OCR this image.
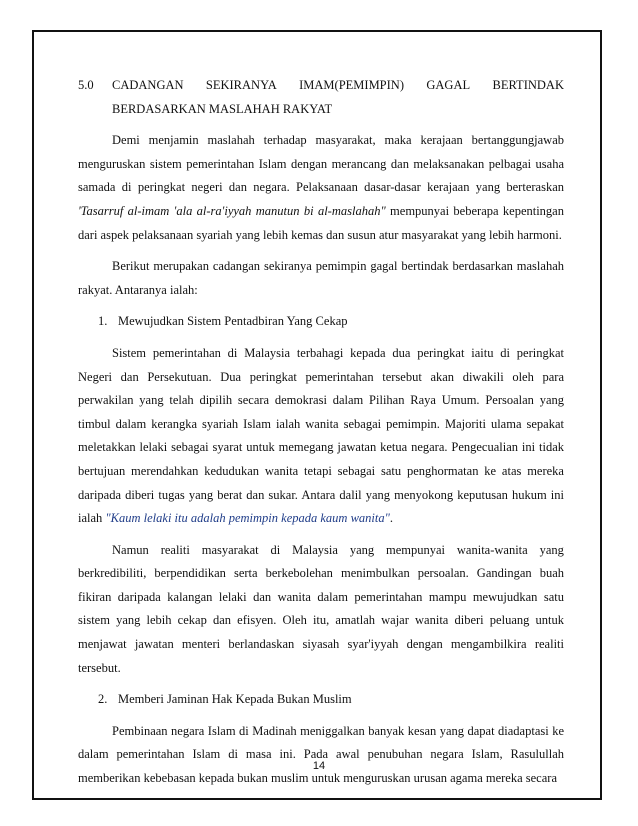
5.0 CADANGAN SEKIRANYA IMAM(PEMIMPIN) GAGAL BERTINDAK
BERDASARKAN MASLAHAH RAKYAT

Demi menjamin maslahah terhadap masyarakat, maka kerajaan bertanggungjawab menguruskan sistem pemerintahan Islam dengan merancang dan melaksanakan pelbagai usaha samada di peringkat negeri dan negara. Pelaksanaan dasar-dasar kerajaan yang berteraskan 'Tasarruf al-imam 'ala al-ra'iyyah manutun bi al-maslahah" mempunyai beberapa kepentingan dari aspek pelaksanaan syariah yang lebih kemas dan susun atur masyarakat yang lebih harmoni.

Berikut merupakan cadangan sekiranya pemimpin gagal bertindak berdasarkan maslahah rakyat. Antaranya ialah:

1. Mewujudkan Sistem Pentadbiran Yang Cekap

Sistem pemerintahan di Malaysia terbahagi kepada dua peringkat iaitu di peringkat Negeri dan Persekutuan. Dua peringkat pemerintahan tersebut akan diwakili oleh para perwakilan yang telah dipilih secara demokrasi dalam Pilihan Raya Umum. Persoalan yang timbul dalam kerangka syariah Islam ialah wanita sebagai pemimpin. Majoriti ulama sepakat meletakkan lelaki sebagai syarat untuk memegang jawatan ketua negara. Pengecualian ini tidak bertujuan merendahkan kedudukan wanita tetapi sebagai satu penghormatan ke atas mereka daripada diberi tugas yang berat dan sukar. Antara dalil yang menyokong keputusan hukum ini ialah "Kaum lelaki itu adalah pemimpin kepada kaum wanita".

Namun realiti masyarakat di Malaysia yang mempunyai wanita-wanita yang
berkredibiliti, berpendidikan serta berkebolehan menimbulkan persoalan. Gandingan buah fikiran daripada kalangan lelaki dan wanita dalam pemerintahan mampu mewujudkan satu sistem yang lebih cekap dan efisyen. Oleh itu, amatlah wajar wanita diberi peluang untuk menjawat jawatan menteri berlandaskan siyasah syar'iyyah dengan mengambilkira realiti tersebut.
2. Memberi Jaminan Hak Kepada Bukan Muslim

Pembinaan negara Islam di Madinah meniggalkan banyak kesan yang dapat diadaptasi ke dalam pemerintahan Islam di masa ini. Pada awal penubuhan negara Islam, Rasulullah memberikan kebebasan kepada bukan muslim untuk menguruskan urusan agama mereka secara

14
